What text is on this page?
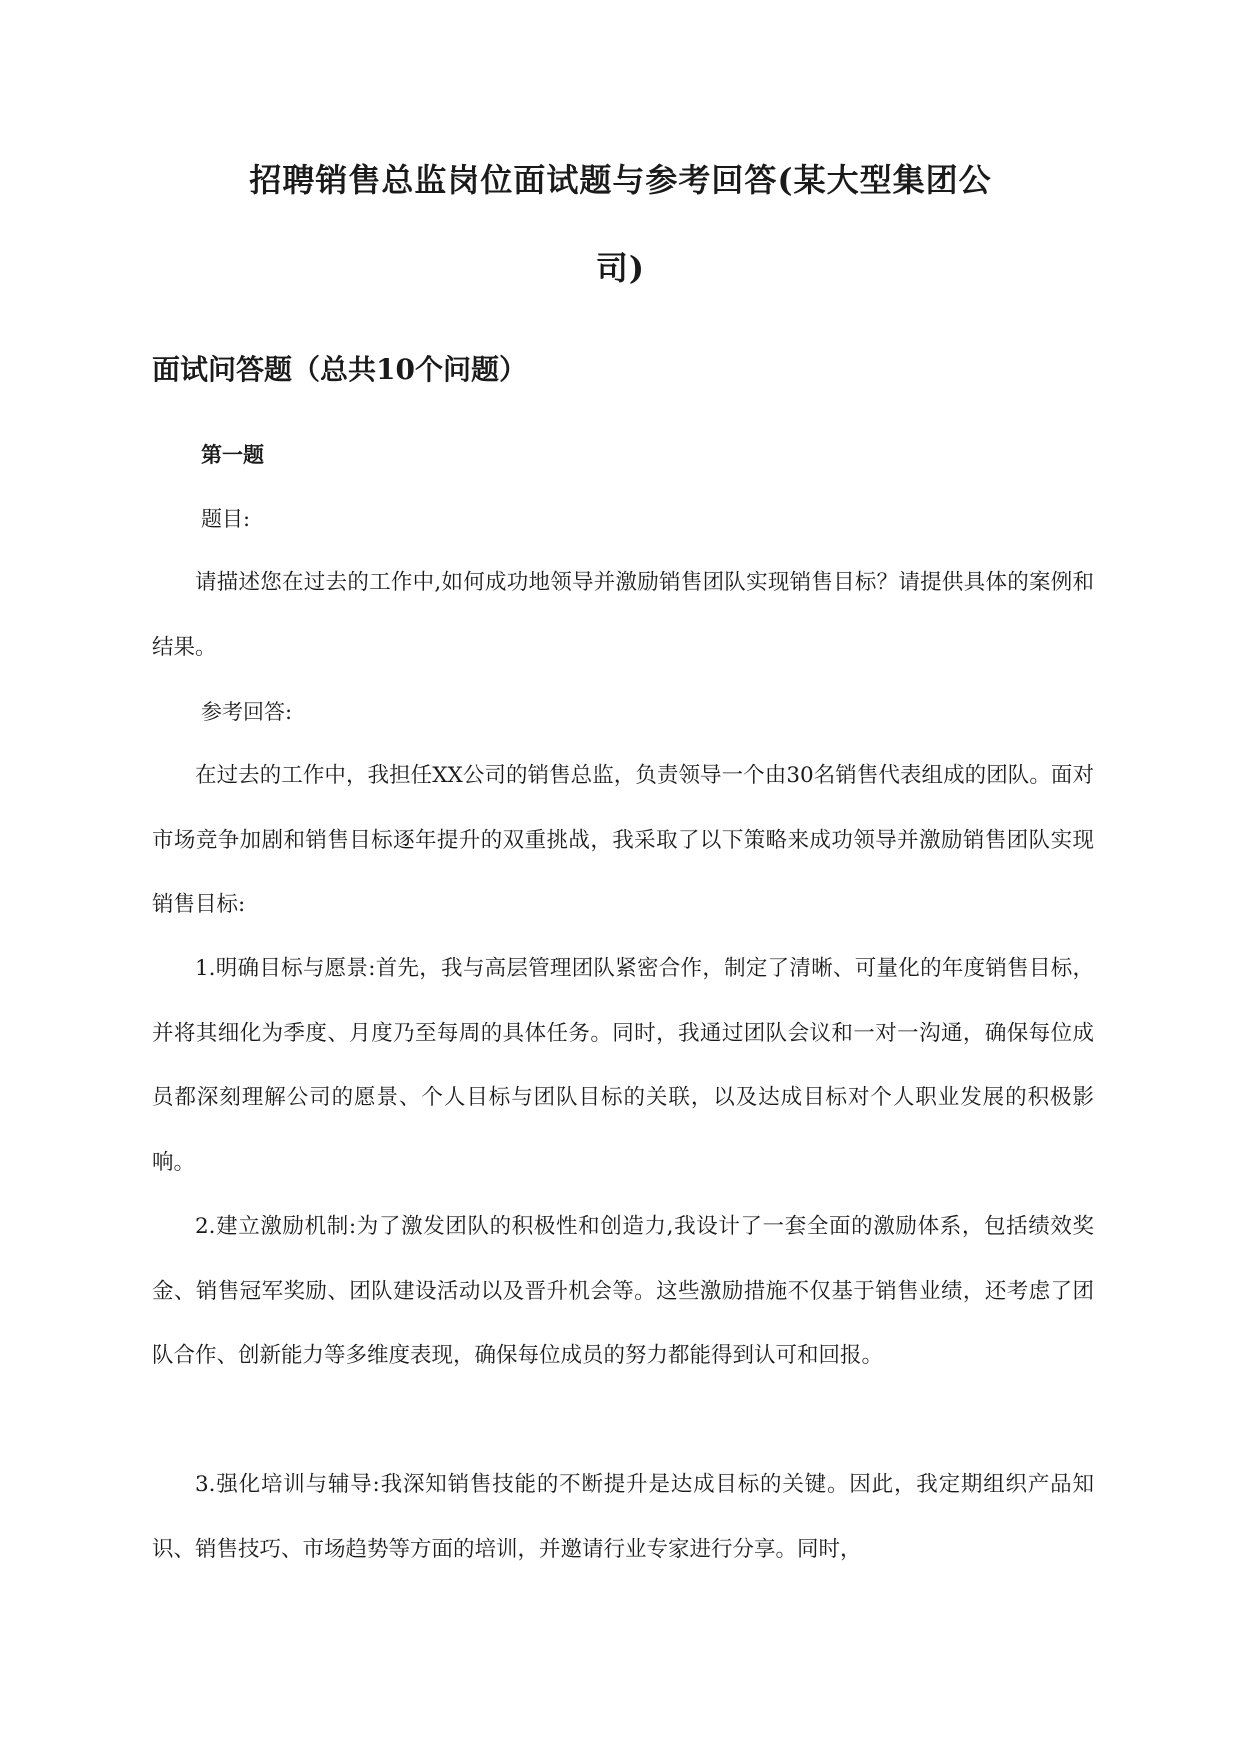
招聘销售总监岗位面试题与参考回答(某大型集团公
司)
面试问答题（总共10个问题）
第一题

题目:

请描述您在过去的工作中,如何成功地领导并激励销售团队实现销售目标？请提供具体的案例和结果。

参考回答:

在过去的工作中，我担任XX公司的销售总监，负责领导一个由30名销售代表组成的团队。面对市场竞争加剧和销售目标逐年提升的双重挑战，我采取了以下策略来成功领导并激励销售团队实现销售目标:

1.明确目标与愿景:首先，我与高层管理团队紧密合作，制定了清晰、可量化的年度销售目标，并将其细化为季度、月度乃至每周的具体任务。同时，我通过团队会议和一对一沟通，确保每位成员都深刻理解公司的愿景、个人目标与团队目标的关联，以及达成目标对个人职业发展的积极影响。

2.建立激励机制:为了激发团队的积极性和创造力,我设计了一套全面的激励体系，包括绩效奖金、销售冠军奖励、团队建设活动以及晋升机会等。这些激励措施不仅基于销售业绩，还考虑了团队合作、创新能力等多维度表现，确保每位成员的努力都能得到认可和回报。

3.强化培训与辅导:我深知销售技能的不断提升是达成目标的关键。因此，我定期组织产品知识、销售技巧、市场趋势等方面的培训，并邀请行业专家进行分享。同时，
